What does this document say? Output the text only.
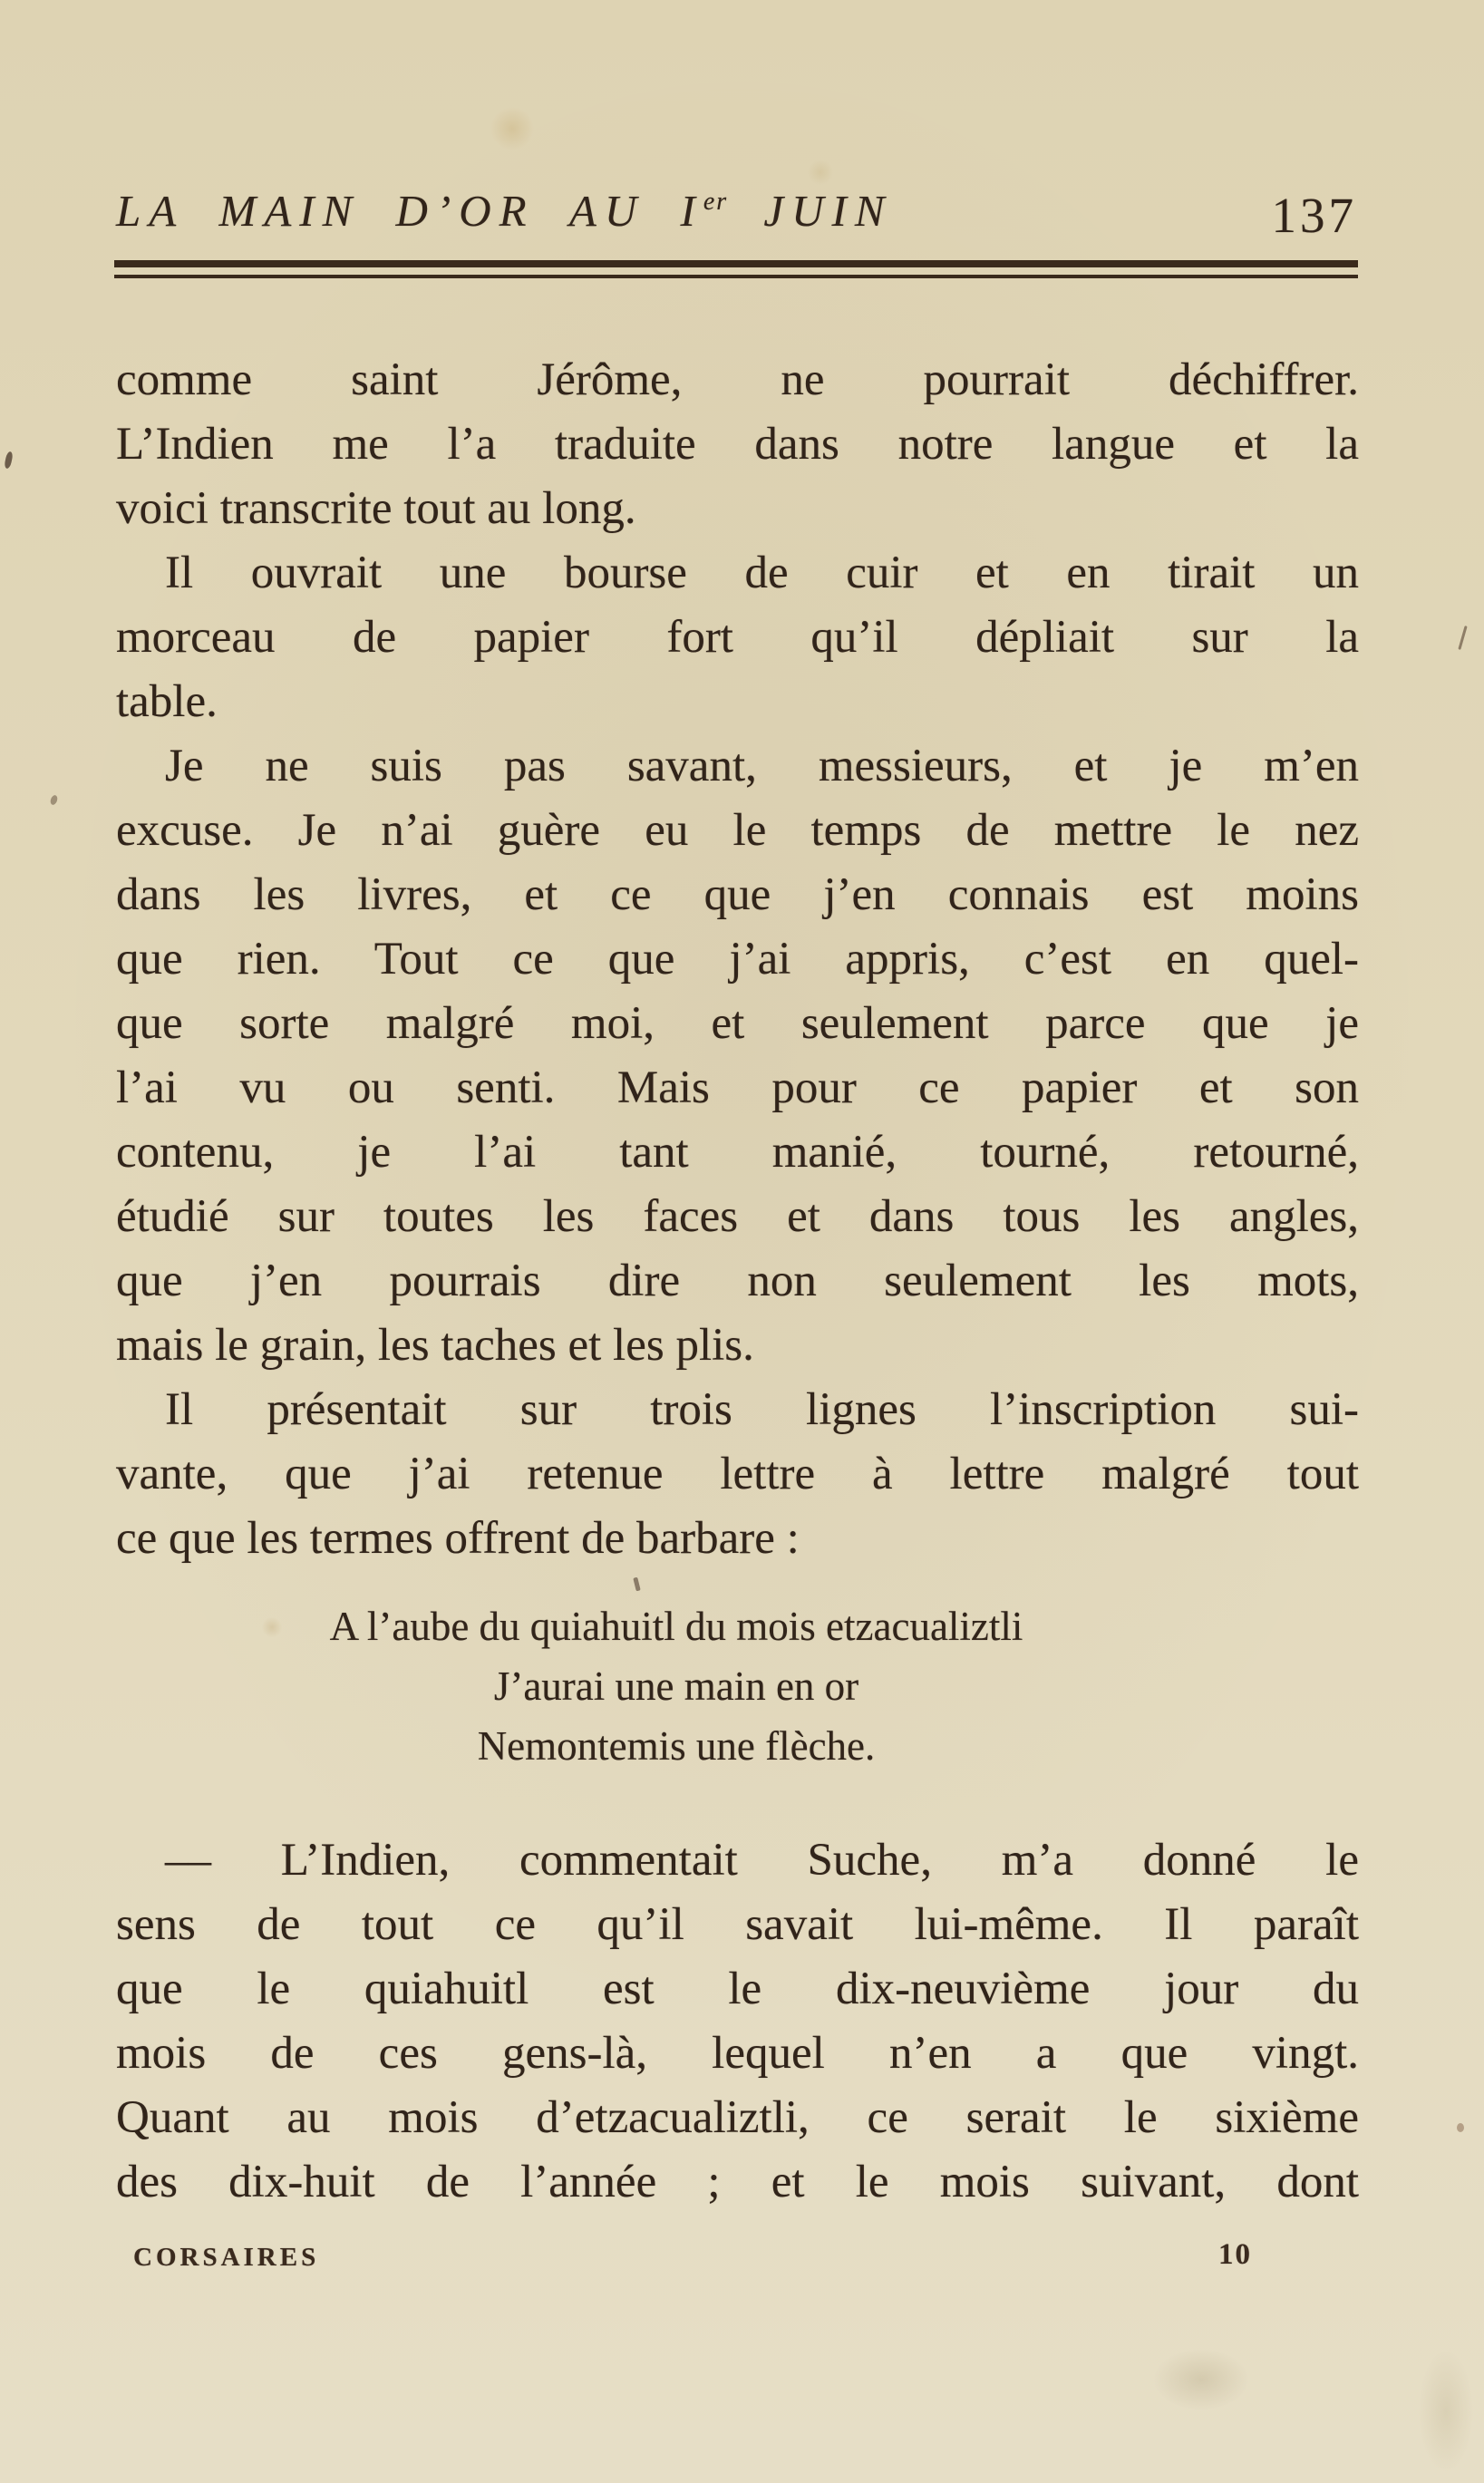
LA MAIN D’OR AU Ier JUIN	137
comme saint Jérôme, ne pourrait déchiffrer.
L’Indien me l’a traduite dans notre langue et la
voici transcrite tout au long.
Il ouvrait une bourse de cuir et en tirait un
morceau de papier fort qu’il dépliait sur la
table.
Je ne suis pas savant, messieurs, et je m’en
excuse. Je n’ai guère eu le temps de mettre le nez
dans les livres, et ce que j’en connais est moins
que rien. Tout ce que j’ai appris, c’est en quel-
que sorte malgré moi, et seulement parce que je
l’ai vu ou senti. Mais pour ce papier et son
contenu, je l’ai tant manié, tourné, retourné,
étudié sur toutes les faces et dans tous les angles,
que j’en pourrais dire non seulement les mots,
mais le grain, les taches et les plis.
Il présentait sur trois lignes l’inscription sui-
vante, que j’ai retenue lettre à lettre malgré tout
ce que les termes offrent de barbare :
A l’aube du quiahuitl du mois etzacualiztli
J’aurai une main en or
Nemontemis une flèche.
–– L’Indien, commentait Suche, m’a donné le
sens de tout ce qu’il savait lui-même. Il paraît
que le quiahuitl est le dix-neuvième jour du
mois de ces gens-là, lequel n’en a que vingt.
Quant au mois d’etzacualiztli, ce serait le sixième
des dix-huit de l’année ; et le mois suivant, dont
CORSAIRES	10
